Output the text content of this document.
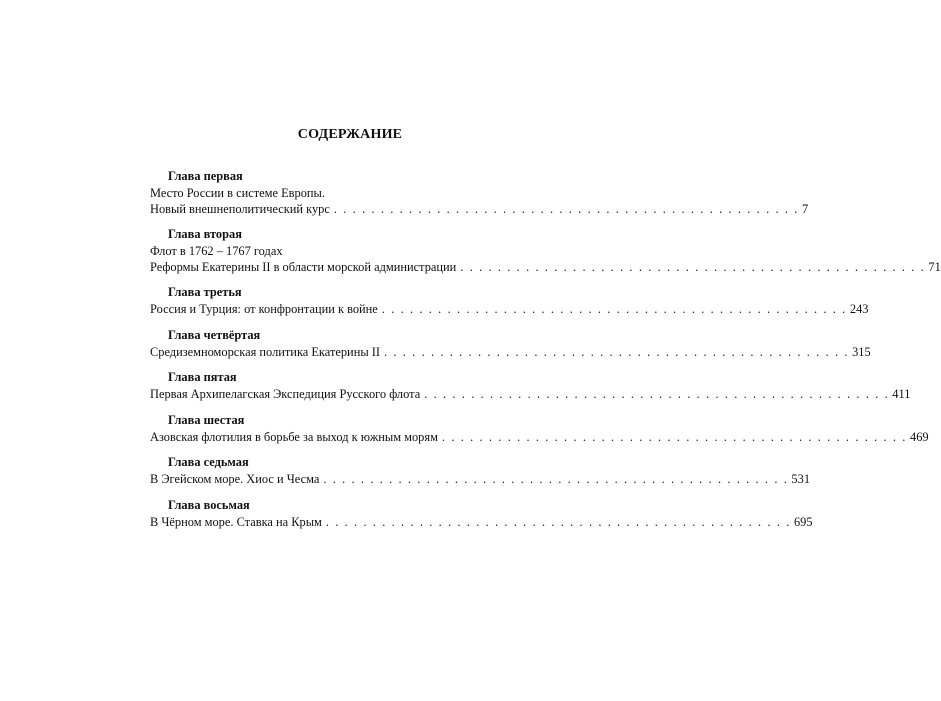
СОДЕРЖАНИЕ
Глава первая
Место России в системе Европы.
Новый внешнеполитический курс . . . . . . . . . . . . . . . . . . . . . . . . . . . . . . . . . . . . . . . . . . . . . . . . . . 7
Глава вторая
Флот в 1762 – 1767 годах
Реформы Екатерины II в области морской администрации . . . . . . . . . . . . . . . . . . . . . . . . . . . . . . . . . . . . . . . . . . . . . . . . . . 71
Глава третья
Россия и Турция: от конфронтации к войне . . . . . . . . . . . . . . . . . . . . . . . . . . . . . . . . . . . . . . . . . . . . . . . . . . 243
Глава четвёртая
Средиземноморская политика Екатерины II . . . . . . . . . . . . . . . . . . . . . . . . . . . . . . . . . . . . . . . . . . . . . . . . . . 315
Глава пятая
Первая Архипелагская Экспедиция Русского флота . . . . . . . . . . . . . . . . . . . . . . . . . . . . . . . . . . . . . . . . . . . . . . . . . . 411
Глава шестая
Азовская флотилия в борьбе за выход к южным морям . . . . . . . . . . . . . . . . . . . . . . . . . . . . . . . . . . . . . . . . . . . . . . . . . . 469
Глава седьмая
В Эгейском море. Хиос и Чесма . . . . . . . . . . . . . . . . . . . . . . . . . . . . . . . . . . . . . . . . . . . . . . . . . . 531
Глава восьмая
В Чёрном море. Ставка на Крым . . . . . . . . . . . . . . . . . . . . . . . . . . . . . . . . . . . . . . . . . . . . . . . . . . 695
